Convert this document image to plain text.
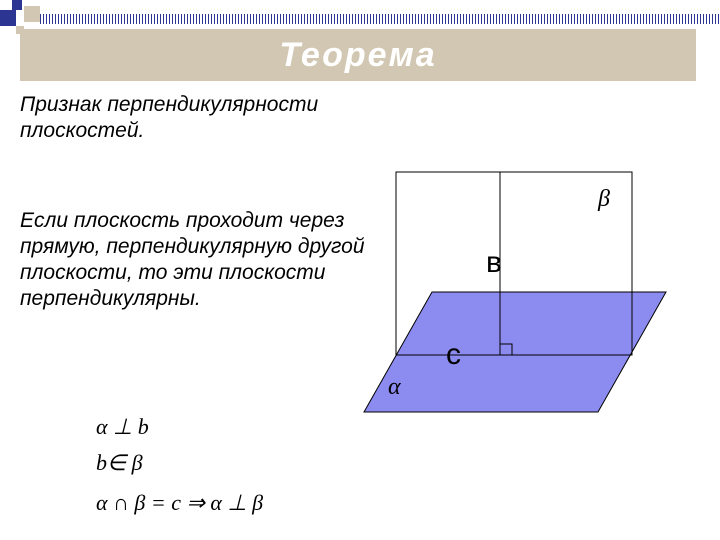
Теорема
Признак перпендикулярности плоскостей.
Если плоскость проходит через прямую, перпендикулярную другой плоскости, то эти плоскости перпендикулярны.
α ⊥ b
b∈ β
α ∩ β = c ⇒ α ⊥ β
в
с
α
β
